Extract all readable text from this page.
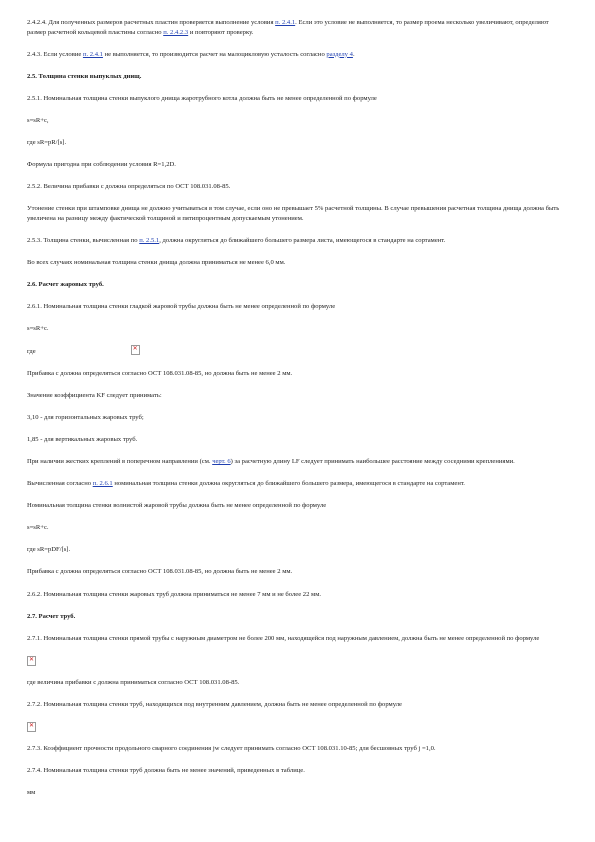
2.4.2.4. Для полученных размеров расчетных пластин проверяется выполнение условия п. 2.4.1. Если это условие не выполняется, то размер проема несколько увеличивают, определяют размер расчетной кольцевой пластины согласно п. 2.4.2.3 и повторяют проверку.

2.4.3. Если условие п. 2.4.1 не выполняется, то производится расчет на малоцикловую усталость согласно разделу 4.

2.5. Толщина стенки выпуклых днищ.

2.5.1. Номинальная толщина стенки выпуклого днища жаротрубного котла должна быть не менее определенной по формуле

s=sR+c,

где sR=pR/[s].

Формула пригодна при соблюдении условия R=1,2D.

2.5.2. Величина прибавки c должна определяться по ОСТ 108.031.08-85.

Утонение стенки при штамповке днища не должно учитываться в том случае, если оно не превышает 5% расчетной толщины. В случае превышения расчетная толщина днища должна быть увеличена на разницу между фактической толщиной и пятипроцентным допускаемым утонением.

2.5.3. Толщина стенки, вычисленная по п. 2.5.1, должна округляться до ближайшего большего размера листа, имеющегося в стандарте на сортамент.

Во всех случаях номинальная толщина стенки днища должна приниматься не менее 6,0 мм.

2.6. Расчет жаровых труб.

2.6.1. Номинальная толщина стенки гладкой жаровой трубы должна быть не менее определенной по формуле

s=sR+c.

где
✕

Прибавка c должна определяться согласно ОСТ 108.031.08-85, но должна быть не менее 2 мм.

Значение коэффициента KF следует принимать:

3,10 - для горизонтальных жаровых труб;

1,85 - для вертикальных жаровых труб.

При наличии жестких креплений в поперечном направлении (см. черт. 6) за расчетную длину LF следует принимать наибольшее расстояние между соседними креплениями.

Вычисленная согласно п. 2.6.1 номинальная толщина стенки должна округляться до ближайшего большего размера, имеющегося в стандарте на сортамент.

Номинальная толщина стенки волнистой жаровой трубы должна быть не менее определенной по формуле

s=sR+c.

где sR=pDF/[s].

Прибавка c должна определяться согласно ОСТ 108.031.08-85, но должна быть не менее 2 мм.

2.6.2. Номинальная толщина стенки жаровых труб должна приниматься не менее 7 мм и не более 22 мм.

2.7. Расчет труб.

2.7.1. Номинальная толщина стенки прямой трубы с наружным диаметром не более 200 мм, находящейся под наружным давлением, должна быть не менее определенной по формуле

✕

где величина прибавки c должна приниматься согласно ОСТ 108.031.08-85.

2.7.2. Номинальная толщина стенки труб, находящихся под внутренним давлением, должна быть не менее определенной по формуле

✕

2.7.3. Коэффициент прочности продольного сварного соединения jw следует принимать согласно ОСТ 108.031.10-85; для бесшовных труб j =1,0.

2.7.4. Номинальная толщина стенки труб должна быть не менее значений, приведенных в таблице.

мм
